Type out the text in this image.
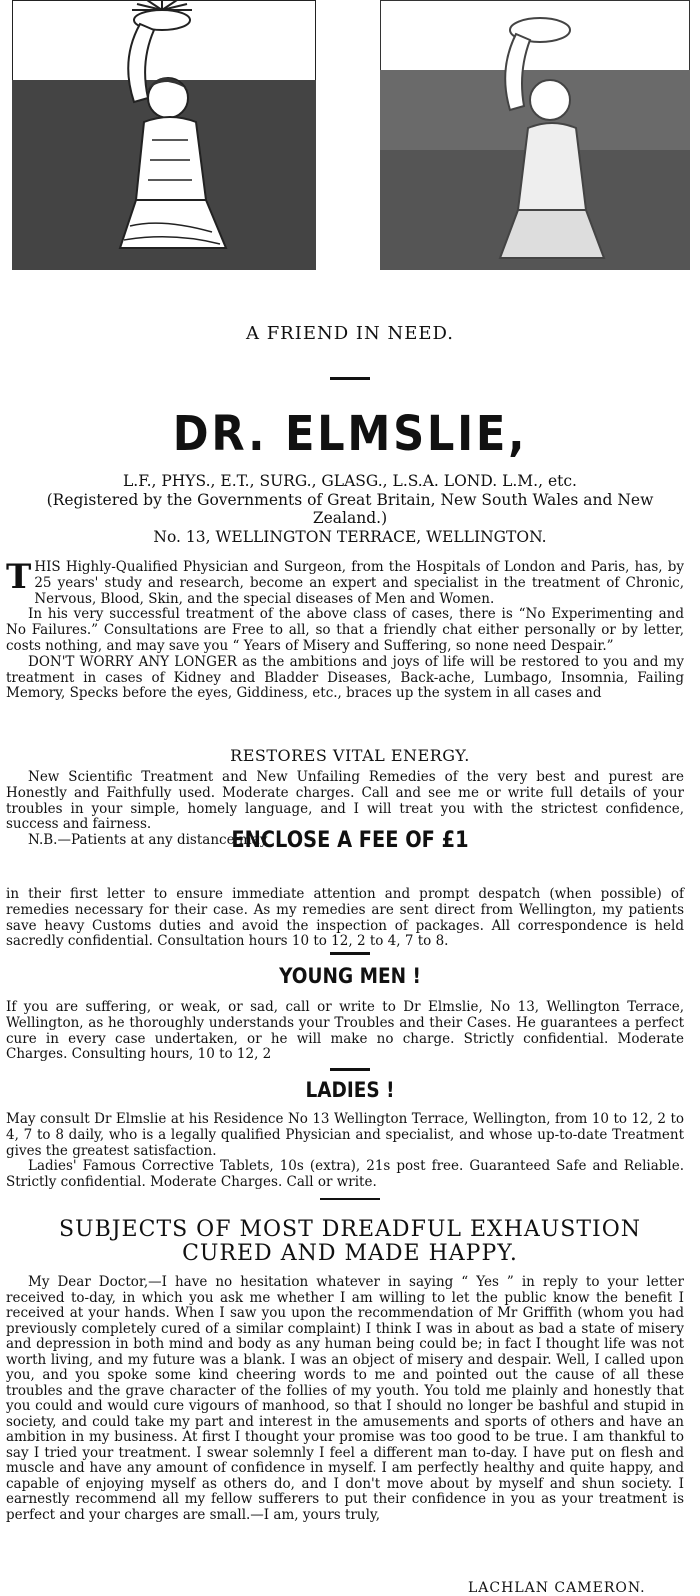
A FRIEND IN NEED.
DR. ELMSLIE,
L.F., PHYS., E.T., SURG., GLASG., L.S.A. LOND. L.M., etc.
(Registered by the Governments of Great Britain, New South Wales and New Zealand.)
No. 13, WELLINGTON TERRACE, WELLINGTON.

THIS Highly-Qualified Physician and Surgeon, from the Hospitals of London and Paris, has, by 25 years' study and research, become an expert and specialist in the treatment of Chronic, Nervous, Blood, Skin, and the special diseases of Men and Women.

In his very successful treatment of the above class of cases, there is “No Experimenting and No Failures.” Consultations are Free to all, so that a friendly chat either personally or by letter, costs nothing, and may save you “ Years of Misery and Suffering, so none need Despair.”

DON'T WORRY ANY LONGER as the ambitions and joys of life will be restored to you and my treatment in cases of Kidney and Bladder Diseases, Back-ache, Lumbago, Insomnia, Failing Memory, Specks before the eyes, Giddiness, etc., braces up the system in all cases and

RESTORES VITAL ENERGY.

New Scientific Treatment and New Unfailing Remedies of the very best and purest are Honestly and Faithfully used. Moderate charges. Call and see me or write full details of your troubles in your simple, homely language, and I will treat you with the strictest confidence, success and fairness.

N.B.—Patients at any distance may

ENCLOSE A FEE OF £1
in their first letter to ensure immediate attention and prompt despatch (when possible) of remedies necessary for their case. As my remedies are sent direct from Wellington, my patients save heavy Customs duties and avoid the inspection of packages. All correspondence is held sacredly confidential. Consultation hours 10 to 12, 2 to 4, 7 to 8.
YOUNG MEN !
If you are suffering, or weak, or sad, call or write to Dr Elmslie, No 13, Wellington Terrace, Wellington, as he thoroughly understands your Troubles and their Cases. He guarantees a perfect cure in every case undertaken, or he will make no charge. Strictly confidential. Moderate Charges. Consulting hours, 10 to 12, 2
LADIES !

May consult Dr Elmslie at his Residence No 13 Wellington Terrace, Wellington, from 10 to 12, 2 to 4, 7 to 8 daily, who is a legally qualified Physician and specialist, and whose up-to-date Treatment gives the greatest satisfaction.

Ladies' Famous Corrective Tablets, 10s (extra), 21s post free. Guaranteed Safe and Reliable. Strictly confidential. Moderate Charges. Call or write.

SUBJECTS OF MOST DREADFUL EXHAUSTION
CURED AND MADE HAPPY.

My Dear Doctor,—I have no hesitation whatever in saying “ Yes ” in reply to your letter received to-day, in which you ask me whether I am willing to let the public know the benefit I received at your hands. When I saw you upon the recommendation of Mr Griffith (whom you had previously completely cured of a similar complaint) I think I was in about as bad a state of misery and depression in both mind and body as any human being could be; in fact I thought life was not worth living, and my future was a blank. I was an object of misery and despair. Well, I called upon you, and you spoke some kind cheering words to me and pointed out the cause of all these troubles and the grave character of the follies of my youth. You told me plainly and honestly that you could and would cure vigours of manhood, so that I should no longer be bashful and stupid in society, and could take my part and interest in the amusements and sports of others and have an ambition in my business. At first I thought your promise was too good to be true. I am thankful to say I tried your treatment. I swear solemnly I feel a different man to-day. I have put on flesh and muscle and have any amount of confidence in myself. I am perfectly healthy and quite happy, and capable of enjoying myself as others do, and I don't move about by myself and shun society. I earnestly recommend all my fellow sufferers to put their confidence in you as your treatment is perfect and your charges are small.—I am, yours truly,

LACHLAN CAMERON.
